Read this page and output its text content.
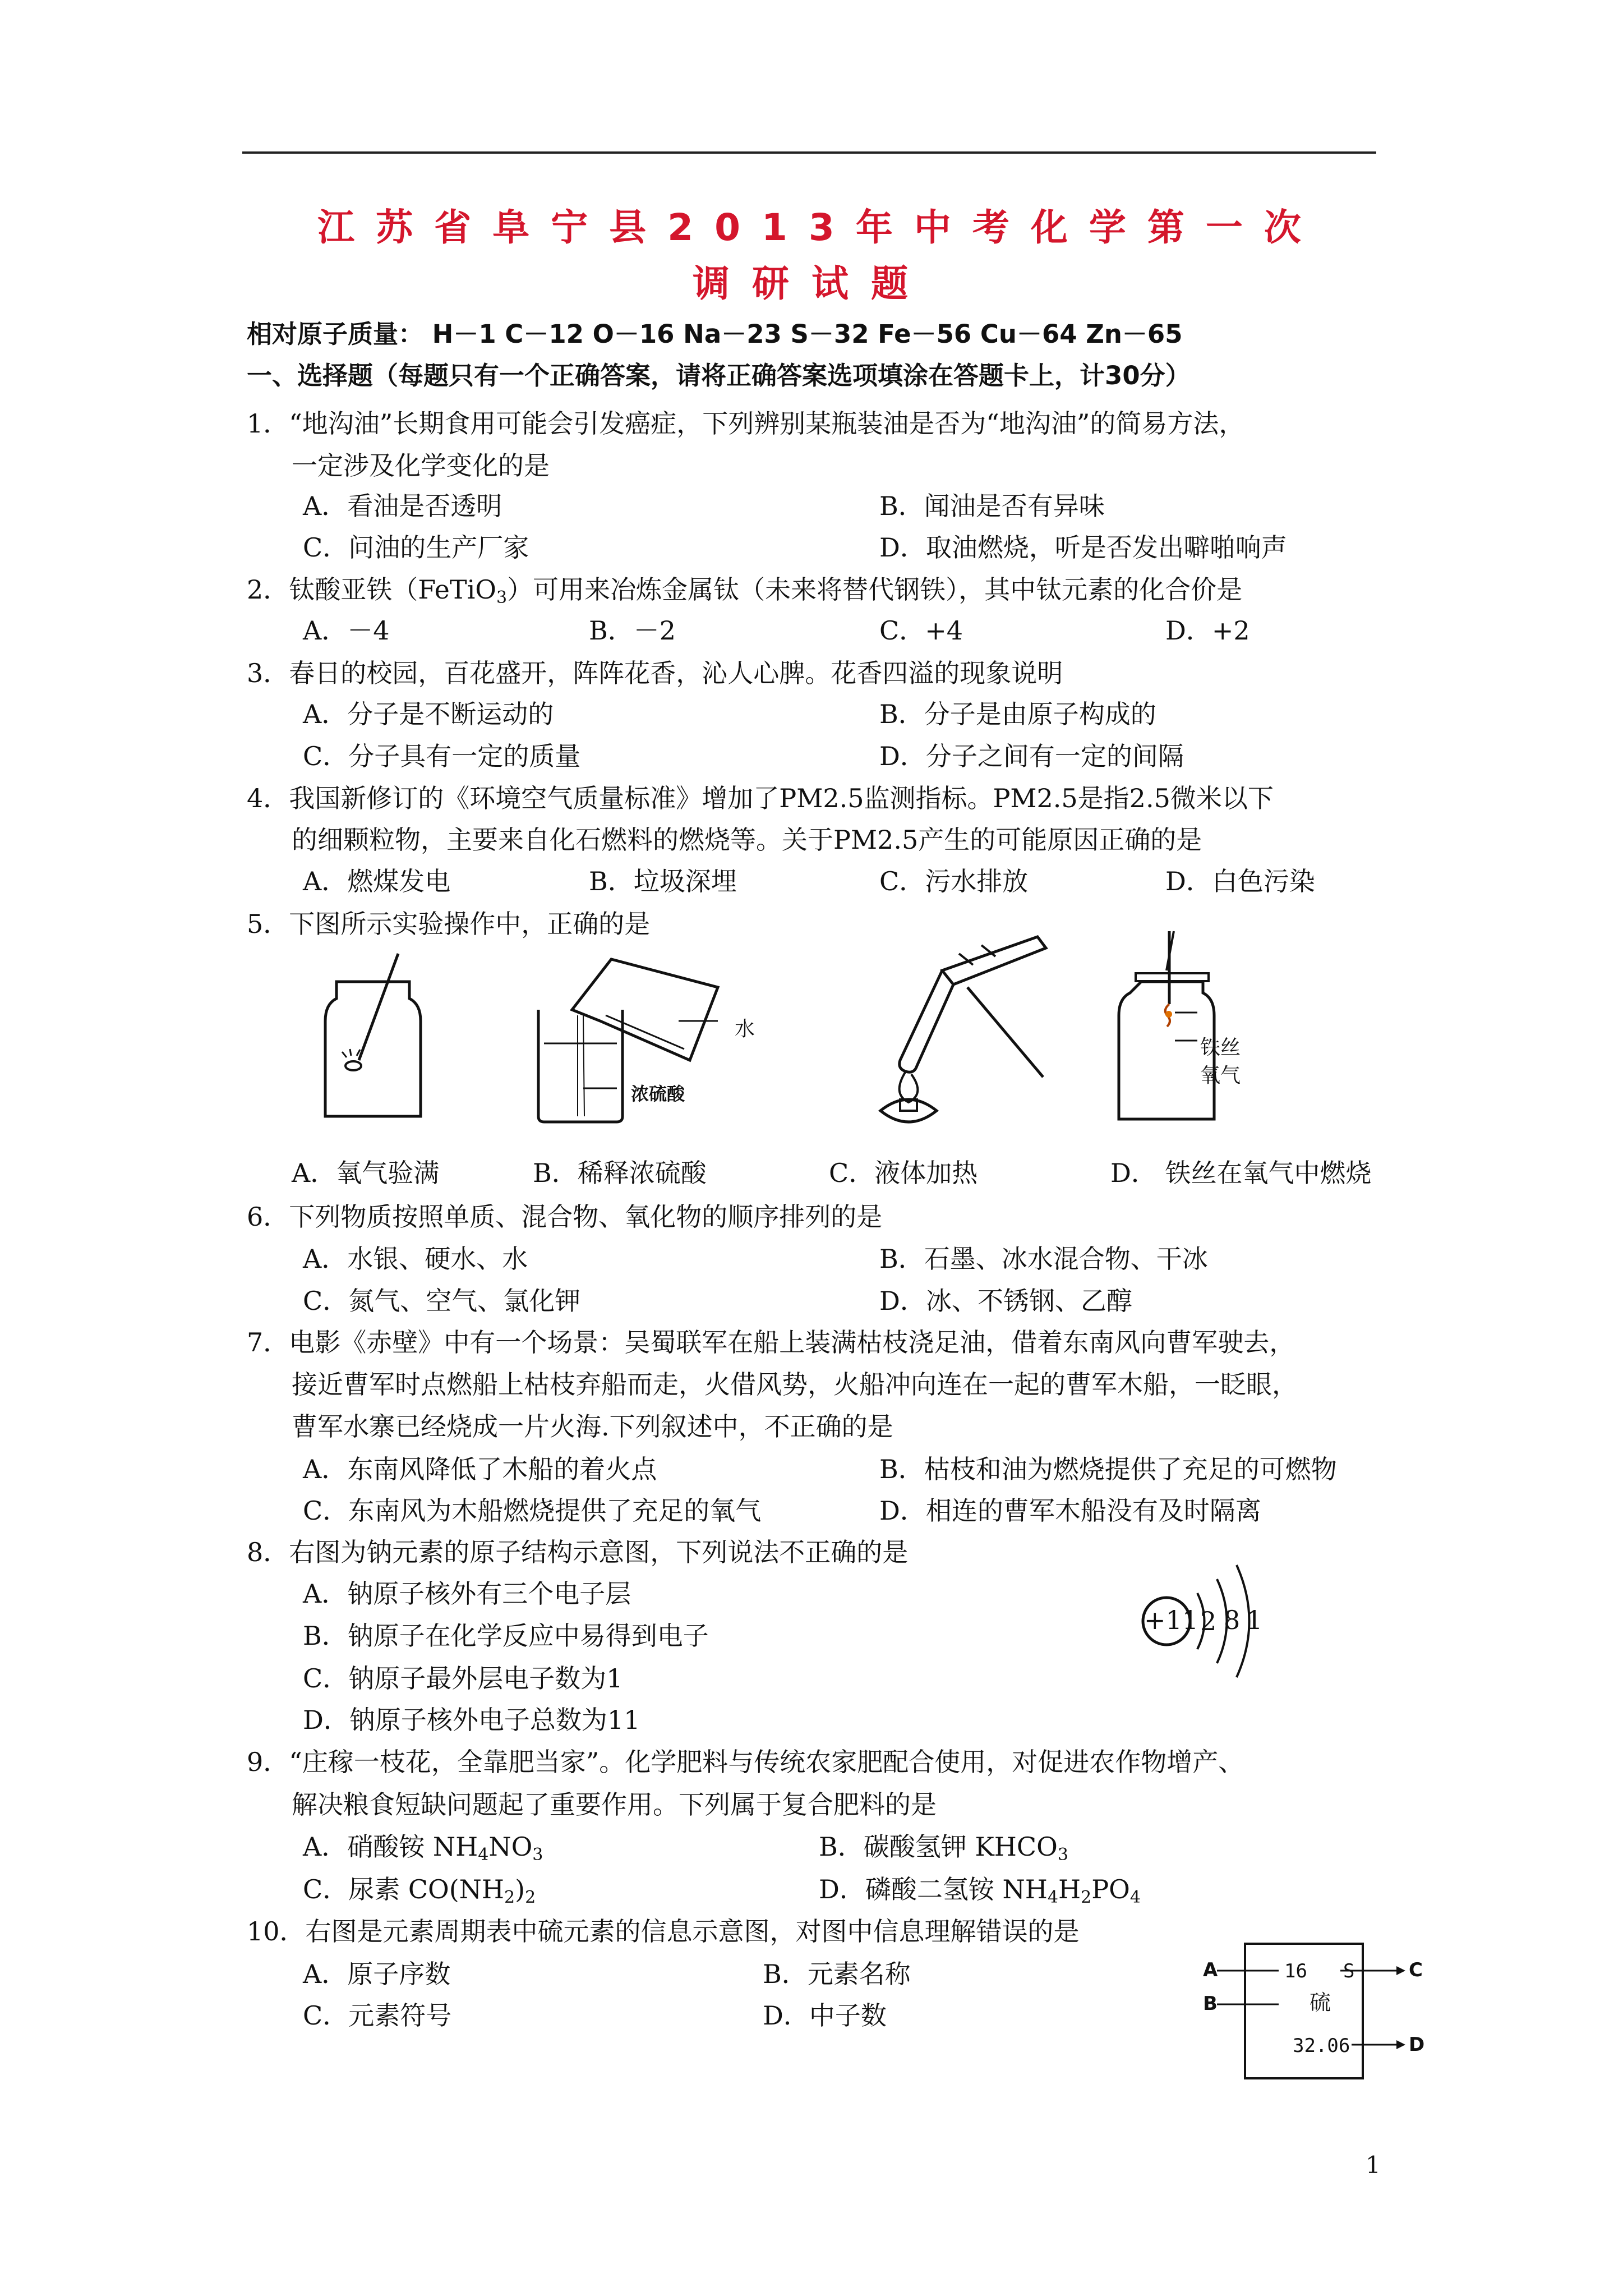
江苏省阜宁县2013年中考化学第一次
调研试题
相对原子质量： H－1 C－12 O－16 Na－23 S－32 Fe－56 Cu－64 Zn－65
一、选择题（每题只有一个正确答案，请将正确答案选项填涂在答题卡上，计30分）
1．“地沟油”长期食用可能会引发癌症，下列辨别某瓶装油是否为“地沟油”的简易方法，
一定涉及化学变化的是
A．看油是否透明	B．闻油是否有异味
C．问油的生产厂家	D．取油燃烧，听是否发出噼啪响声
2．钛酸亚铁（FeTiO$_3$）可用来冶炼金属钛（未来将替代钢铁），其中钛元素的化合价是
A．－4	B．－2	C．+4	D．+2
3．春日的校园，百花盛开，阵阵花香，沁人心脾。花香四溢的现象说明
A．分子是不断运动的	B．分子是由原子构成的
C．分子具有一定的质量	D．分子之间有一定的间隔
4．我国新修订的《环境空气质量标准》增加了PM2.5监测指标。PM2.5是指2.5微米以下
的细颗粒物，主要来自化石燃料的燃烧等。关于PM2.5产生的可能原因正确的是
A．燃煤发电	B．垃圾深埋	C．污水排放	D．白色污染
5．下图所示实验操作中，正确的是
水
浓硫酸
铁丝
氧气
A．氧气验满	B．稀释浓硫酸	C．液体加热	D． 铁丝在氧气中燃烧
6．下列物质按照单质、混合物、氧化物的顺序排列的是
A．水银、硬水、水	B．石墨、冰水混合物、干冰
C．氮气、空气、氯化钾	D．冰、不锈钢、乙醇
7．电影《赤壁》中有一个场景：吴蜀联军在船上装满枯枝浇足油，借着东南风向曹军驶去，
接近曹军时点燃船上枯枝弃船而走，火借风势，火船冲向连在一起的曹军木船，一眨眼，
曹军水寨已经烧成一片火海.下列叙述中，不正确的是
A．东南风降低了木船的着火点	B．枯枝和油为燃烧提供了充足的可燃物
C．东南风为木船燃烧提供了充足的氧气	D．相连的曹军木船没有及时隔离
8．右图为钠元素的原子结构示意图，下列说法不正确的是
A．钠原子核外有三个电子层
B．钠原子在化学反应中易得到电子
C．钠原子最外层电子数为1
D．钠原子核外电子总数为11
+11 2 8 1
9．“庄稼一枝花，全靠肥当家”。化学肥料与传统农家肥配合使用，对促进农作物增产、
解决粮食短缺问题起了重要作用。下列属于复合肥料的是
A．硝酸铵 $NH_4NO_3$	B．碳酸氢钾 $KHCO_3$
C．尿素 $CO(NH_2)_2$	D．磷酸二氢铵 $NH_4H_2PO_4$
10．右图是元素周期表中硫元素的信息示意图，对图中信息理解错误的是
A．原子序数	B．元素名称
C．元素符号	D．中子数
A
B
C
D
16 S
硫
32.06
1
